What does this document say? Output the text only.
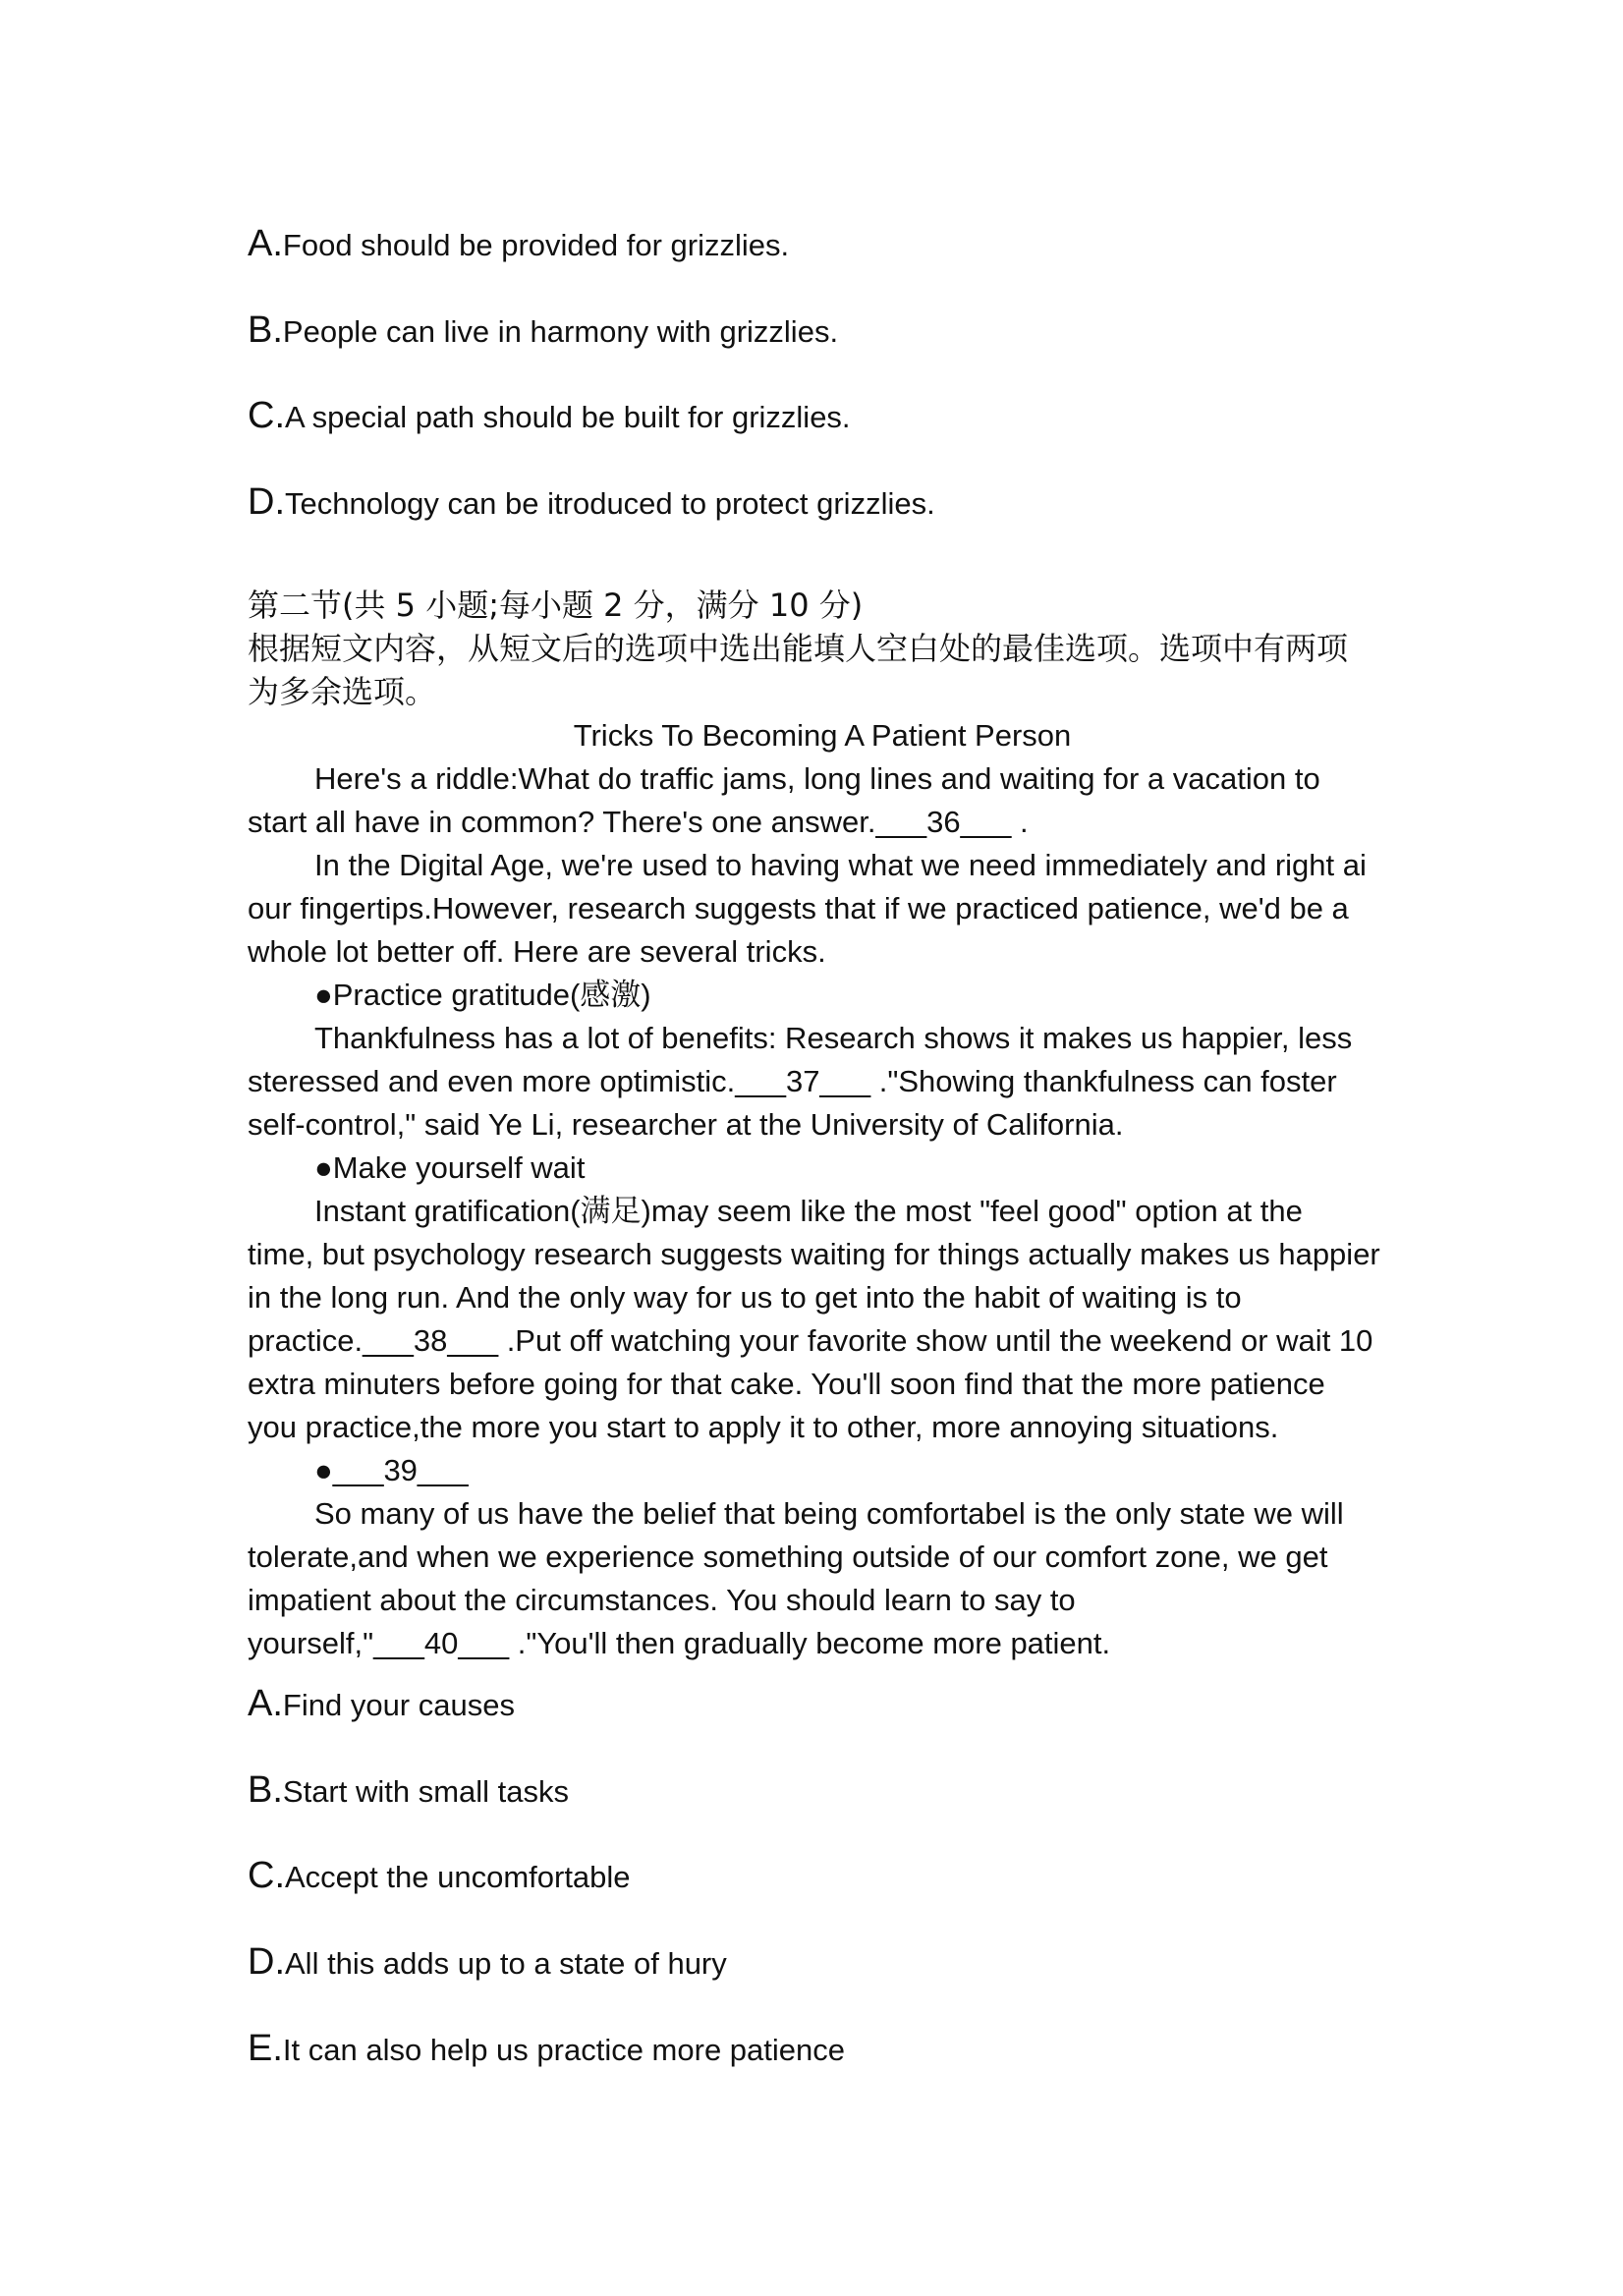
A.Food should be provided for grizzlies.
B.People can live in harmony with grizzlies.
C.A special path should be built for grizzlies.
D.Technology can be itroduced to protect grizzlies.
第二节(共 5 小题;每小题 2 分，满分 10 分)
根据短文内容，从短文后的选项中选出能填人空白处的最佳选项。选项中有两项
为多余选项。
Tricks To Becoming A Patient Person
Here's a riddle:What do traffic jams, long lines and waiting for a vacation to
start all have in common? There's one answer.___36___ .
In the Digital Age, we're used to having what we need immediately and right ai
our fingertips.However, research suggests that if we practiced patience, we'd be a
whole lot better off. Here are several tricks.
●Practice gratitude(感激)
Thankfulness has a lot of benefits: Research shows it makes us happier, less
steressed and even more optimistic.___37___ ."Showing thankfulness can foster
self-control," said Ye Li, researcher at the University of California.
●Make yourself wait
Instant gratification(满足)may seem like the most "feel good" option at the
time, but psychology research suggests waiting for things actually makes us happier
in the long run. And the only way for us to get into the habit of waiting is to
practice.___38___ .Put off watching your favorite show until the weekend or wait 10
extra minuters before going for that cake. You'll soon find that the more patience
you practice,the more you start to apply it to other, more annoying situations.
●___39___
So many of us have the belief that being comfortabel is the only state we will
tolerate,and when we experience something outside of our comfort zone, we get
impatient about the circumstances. You should learn to say to
yourself,"___40___ ."You'll then gradually become more patient.
A.Find your causes
B.Start with small tasks
C.Accept the uncomfortable
D.All this adds up to a state of hury
E.It can also help us practice more patience
